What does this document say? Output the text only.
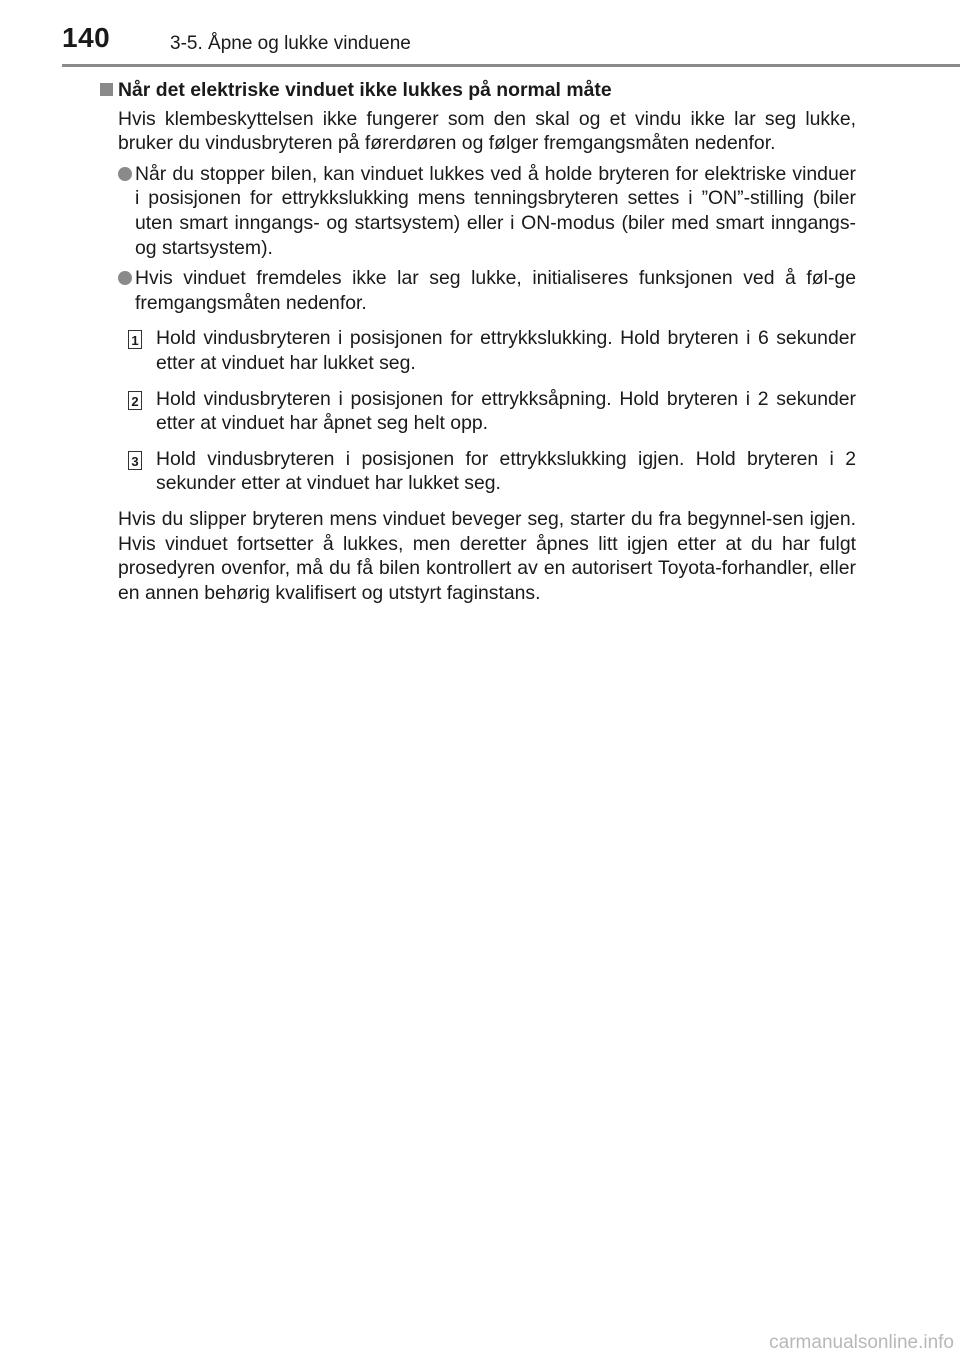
140	3-5. Åpne og lukke vinduene
Når det elektriske vinduet ikke lukkes på normal måte
Hvis klembeskyttelsen ikke fungerer som den skal og et vindu ikke lar seg lukke, bruker du vindusbryteren på førerdøren og følger fremgangsmåten nedenfor.
Når du stopper bilen, kan vinduet lukkes ved å holde bryteren for elektriske vinduer i posisjonen for ettrykkslukking mens tenningsbryteren settes i ”ON”-stilling (biler uten smart inngangs- og startsystem) eller i ON-modus (biler med smart inngangs- og startsystem).
Hvis vinduet fremdeles ikke lar seg lukke, initialiseres funksjonen ved å føl-ge fremgangsmåten nedenfor.
1 Hold vindusbryteren i posisjonen for ettrykkslukking. Hold bryteren i 6 sekunder etter at vinduet har lukket seg.
2 Hold vindusbryteren i posisjonen for ettrykksåpning. Hold bryteren i 2 sekunder etter at vinduet har åpnet seg helt opp.
3 Hold vindusbryteren i posisjonen for ettrykkslukking igjen. Hold bryteren i 2 sekunder etter at vinduet har lukket seg.
Hvis du slipper bryteren mens vinduet beveger seg, starter du fra begynnel-sen igjen. Hvis vinduet fortsetter å lukkes, men deretter åpnes litt igjen etter at du har fulgt prosedyren ovenfor, må du få bilen kontrollert av en autorisert Toyota-forhandler, eller en annen behørig kvalifisert og utstyrt faginstans.
carmanualsonline.info
